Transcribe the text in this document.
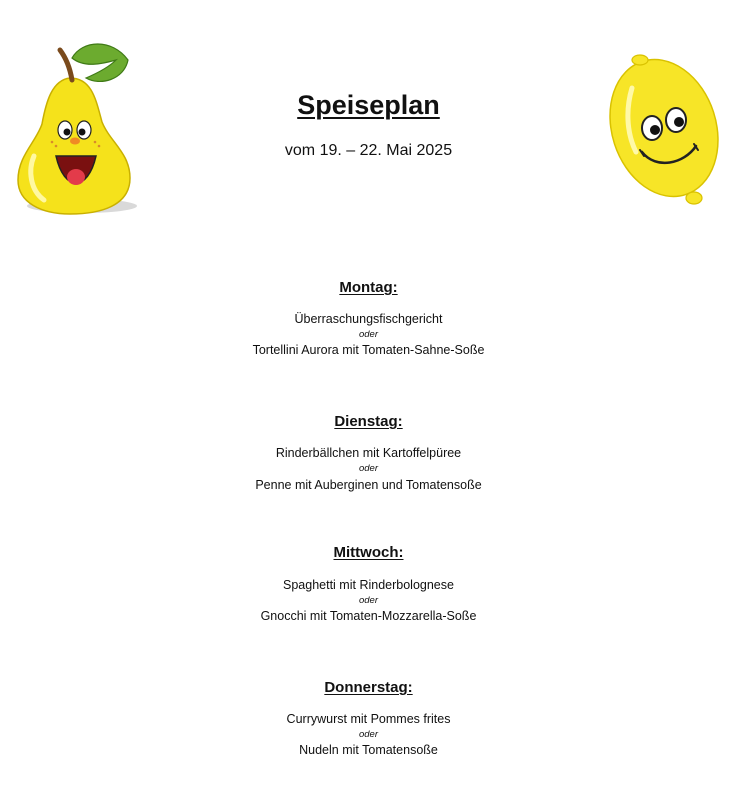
Speiseplan
vom 19. – 22. Mai 2025
Montag:
Überraschungsfischgericht
oder
Tortellini Aurora mit Tomaten-Sahne-Soße
Dienstag:
Rinderbällchen mit Kartoffelpüree
oder
Penne mit Auberginen und Tomatensoße
Mittwoch:
Spaghetti mit Rinderbolognese
oder
Gnocchi mit Tomaten-Mozzarella-Soße
Donnerstag:
Currywurst mit Pommes frites
oder
Nudeln mit Tomatensoße
